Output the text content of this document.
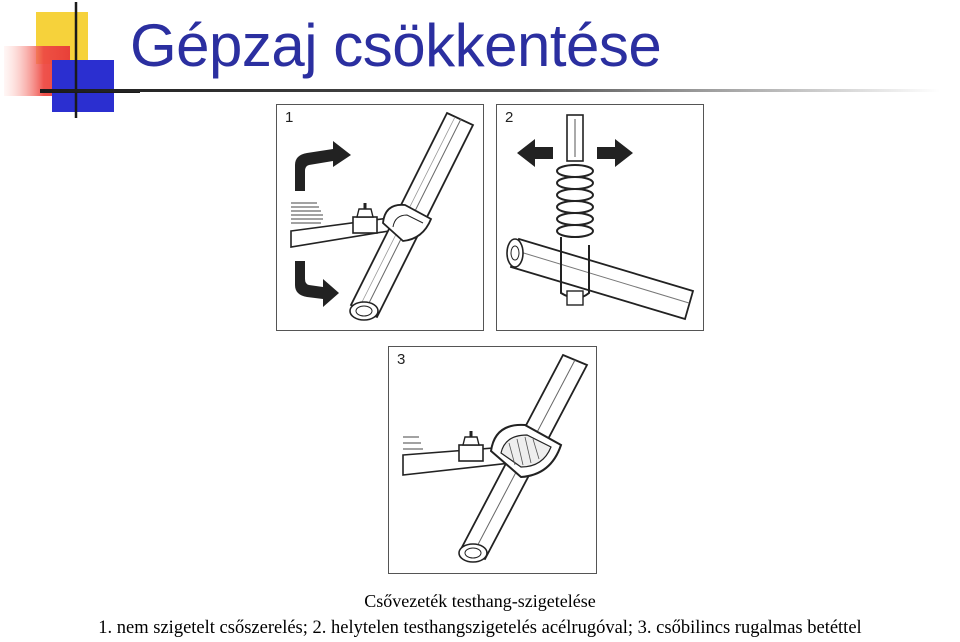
Gépzaj csökkentése
1	2
3

Csővezeték testhang-szigetelése

1. nem szigetelt csőszerelés; 2. helytelen testhangszigetelés acélrugóval; 3. csőbilincs rugalmas betéttel
